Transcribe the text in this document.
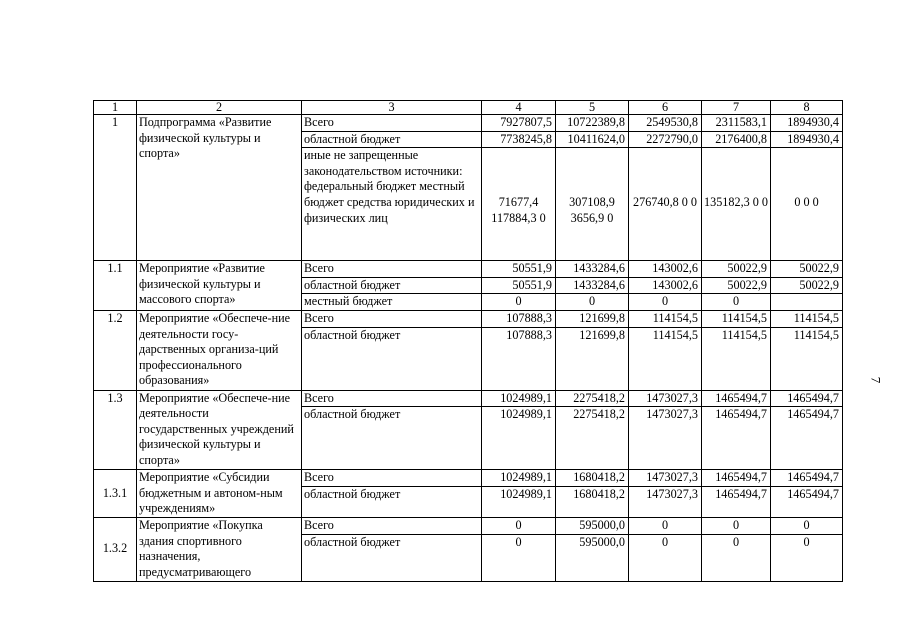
1	2	3	4	5	6	7	8
1	Подпрограмма «Развитие физической культуры и спорта»	Всего	7927807,5	10722389,8	2549530,8	2311583,1	1894930,4
		областной бюджет	7738245,8	10411624,0	2272790,0	2176400,8	1894930,4
		иные не запрещенные законодательством источники: федеральный бюджет местный бюджет средства юридических и физических лиц	71677,4 117884,3 0	307108,9 3656,9 0	276740,8 0 0	135182,3 0 0	0 0 0
1.1	Мероприятие «Развитие физической культуры и массового спорта»	Всего	50551,9	1433284,6	143002,6	50022,9	50022,9
		областной бюджет	50551,9	1433284,6	143002,6	50022,9	50022,9
		местный бюджет	0	0	0	0	
1.2	Мероприятие «Обеспече-ние деятельности госу-дарственных организа-ций профессионального образования»	Всего	107888,3	121699,8	114154,5	114154,5	114154,5
		областной бюджет	107888,3	121699,8	114154,5	114154,5	114154,5
1.3	Мероприятие «Обеспече-ние деятельности государственных учреждений физической культуры и спорта»	Всего	1024989,1	2275418,2	1473027,3	1465494,7	1465494,7
		областной бюджет	1024989,1	2275418,2	1473027,3	1465494,7	1465494,7
1.3.1	Мероприятие «Субсидии бюджетным и автоном-ным учреждениям»	Всего	1024989,1	1680418,2	1473027,3	1465494,7	1465494,7
		областной бюджет	1024989,1	1680418,2	1473027,3	1465494,7	1465494,7
1.3.2	Мероприятие «Покупка здания спортивного назначения, предусматривающего	Всего	0	595000,0	0	0	0
		областной бюджет	0	595000,0	0	0	0
7
